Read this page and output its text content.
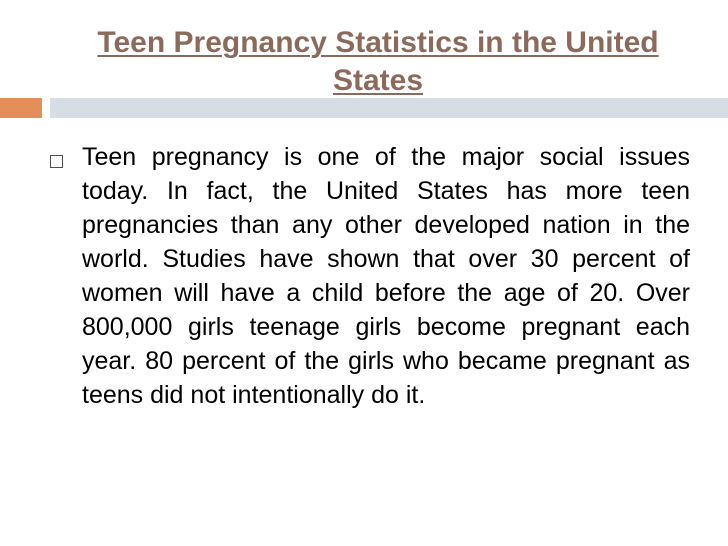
Teen Pregnancy Statistics in the United
States

Teen pregnancy is one of the major social issues today. In fact, the United States has more teen pregnancies than any other developed nation in the world. Studies have shown that over 30 percent of women will have a child before the age of 20. Over 800,000 girls teenage girls become pregnant each year. 80 percent of the girls who became pregnant as teens did not intentionally do it.
